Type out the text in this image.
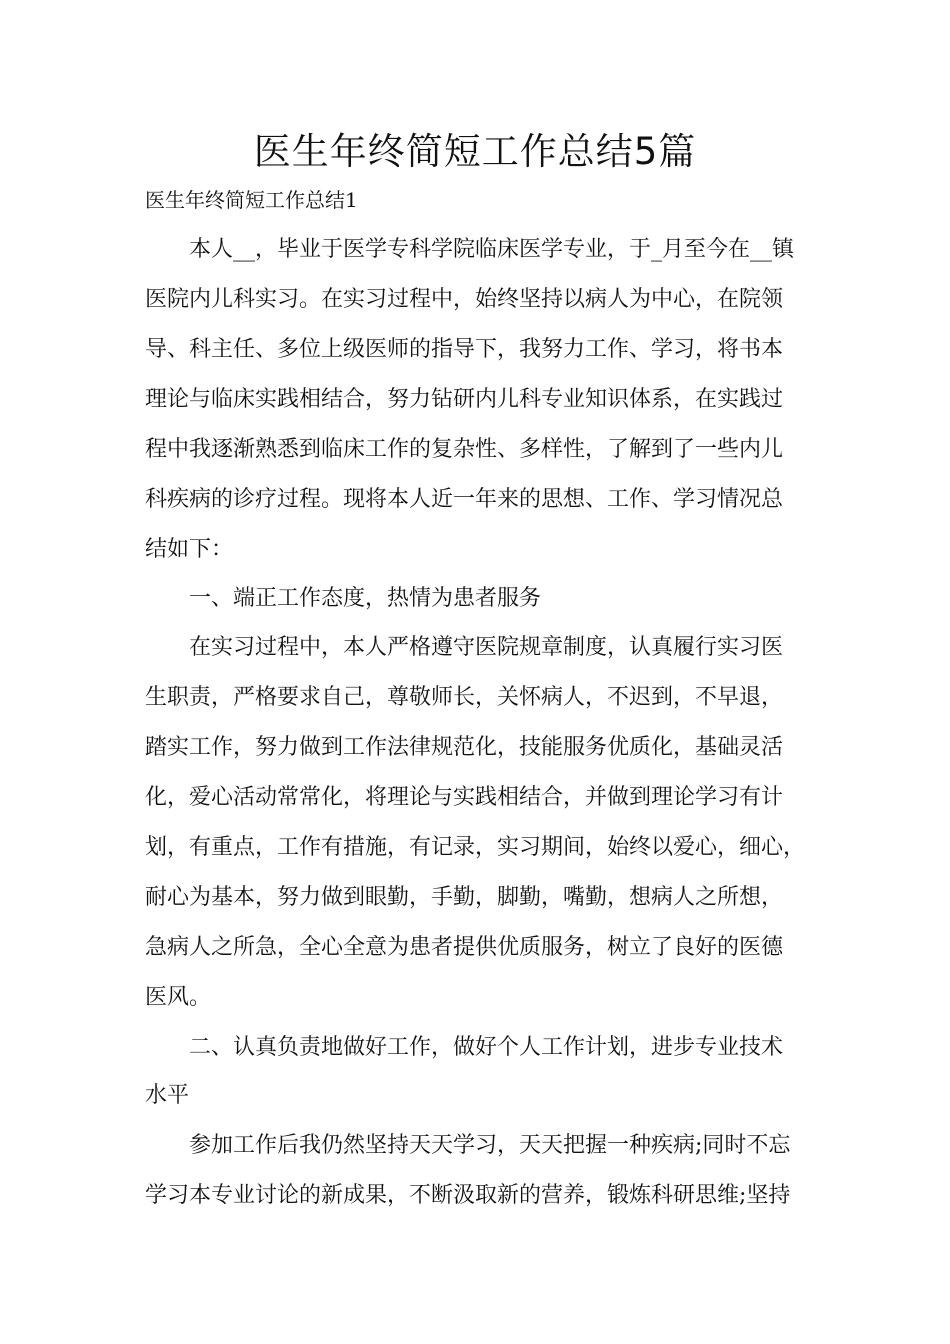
医生年终简短工作总结5篇
医生年终简短工作总结1
本人__，毕业于医学专科学院临床医学专业，于_月至今在__镇
医院内儿科实习。在实习过程中，始终坚持以病人为中心，在院领
导、科主任、多位上级医师的指导下，我努力工作、学习，将书本
理论与临床实践相结合，努力钻研内儿科专业知识体系，在实践过
程中我逐渐熟悉到临床工作的复杂性、多样性，了解到了一些内儿
科疾病的诊疗过程。现将本人近一年来的思想、工作、学习情况总
结如下：
一、端正工作态度，热情为患者服务
在实习过程中，本人严格遵守医院规章制度，认真履行实习医
生职责，严格要求自己，尊敬师长，关怀病人，不迟到，不早退，
踏实工作，努力做到工作法律规范化，技能服务优质化，基础灵活
化，爱心活动常常化，将理论与实践相结合，并做到理论学习有计
划，有重点，工作有措施，有记录，实习期间，始终以爱心，细心，
耐心为基本，努力做到眼勤，手勤，脚勤，嘴勤，想病人之所想，
急病人之所急，全心全意为患者提供优质服务，树立了良好的医德
医风。
二、认真负责地做好工作，做好个人工作计划，进步专业技术
水平
参加工作后我仍然坚持天天学习，天天把握一种疾病;同时不忘
学习本专业讨论的新成果，不断汲取新的营养，锻炼科研思维;坚持
